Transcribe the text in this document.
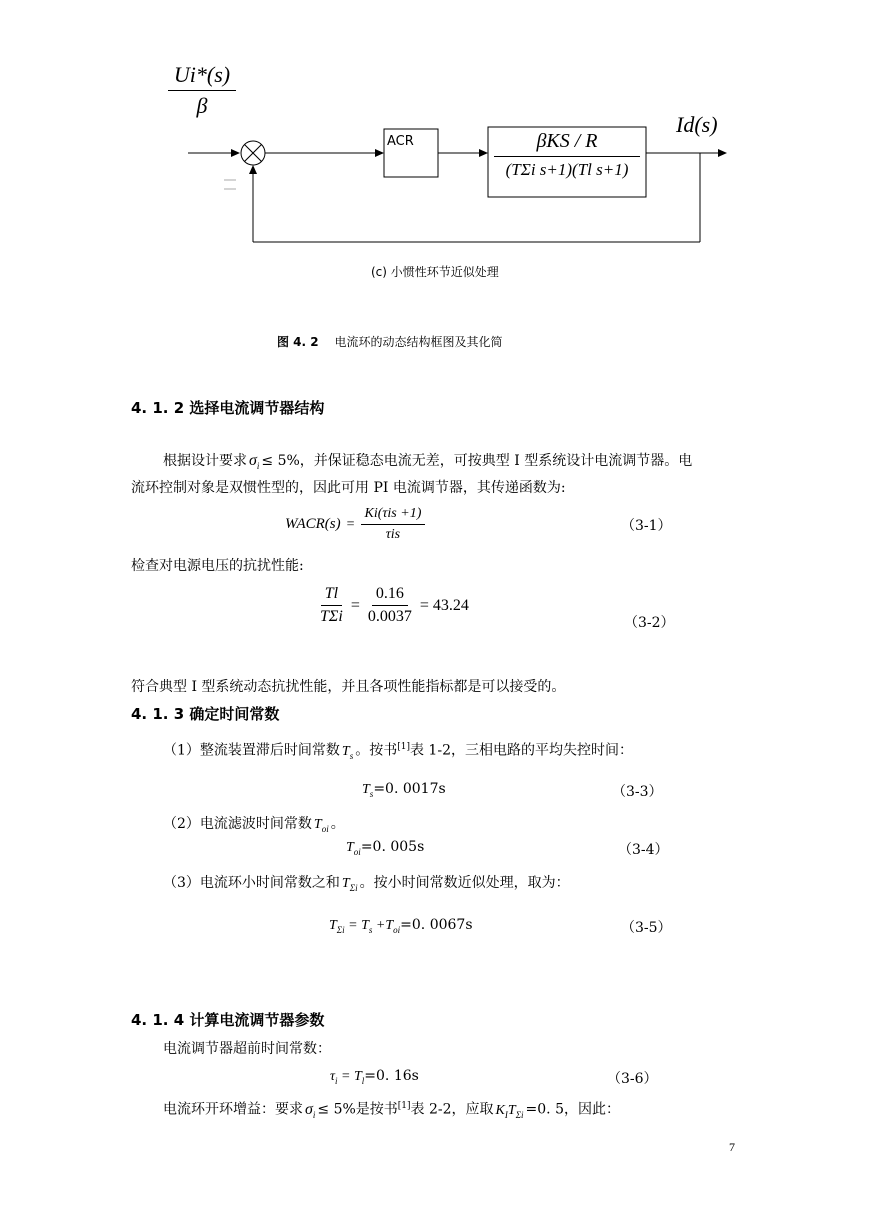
$\frac{Ui*(s)}{\beta}$
ACR	βKS / R
(TΣi s+1)(Tl s+1)
Id(s)
(c) 小惯性环节近似处理
图 4. 2 电流环的动态结构框图及其化简
4. 1. 2 选择电流调节器结构
根据设计要求 $\sigma_i \le 5\%$，并保证稳态电流无差，可按典型 I 型系统设计电流调节器。电
流环控制对象是双惯性型的，因此可用 PI 电流调节器，其传递函数为:
WACR(s) = $\frac{\text{Ki(τis +1)}}{\text{τis}}$	（3-1）
检查对电源电压的抗扰性能:
$\frac{Tl}{\text{TΣi}} = \frac{0.16}{0.0037} = 43.24$
（3-2）
符合典型 I 型系统动态抗扰性能，并且各项性能指标都是可以接受的。
4. 1. 3 确定时间常数
（1）整流装置滞后时间常数 $T_s$ 。按书[1]表 1-2，三相电路的平均失控时间：
$T_s=0$. 0017s	（3-3）
（2）电流滤波时间常数 $T_{oi}$ 。
$T_{oi}=0$. 005s	（3-4）
（3）电流环小时间常数之和 $T_{\Sigma i}$ 。按小时间常数近似处理，取为：
$T_{\Sigma i} = T_s +T_{oi}=0$. 0067s	（3-5）
4. 1. 4 计算电流调节器参数
电流调节器超前时间常数：
$\tau_i = T_l=0$. 16s	（3-6）
电流环开环增益：要求 $\sigma_i \le 5\%$是按书[1]表 2-2，应取 $K_IT_{\Sigma i} =0$. 5，因此：
7
